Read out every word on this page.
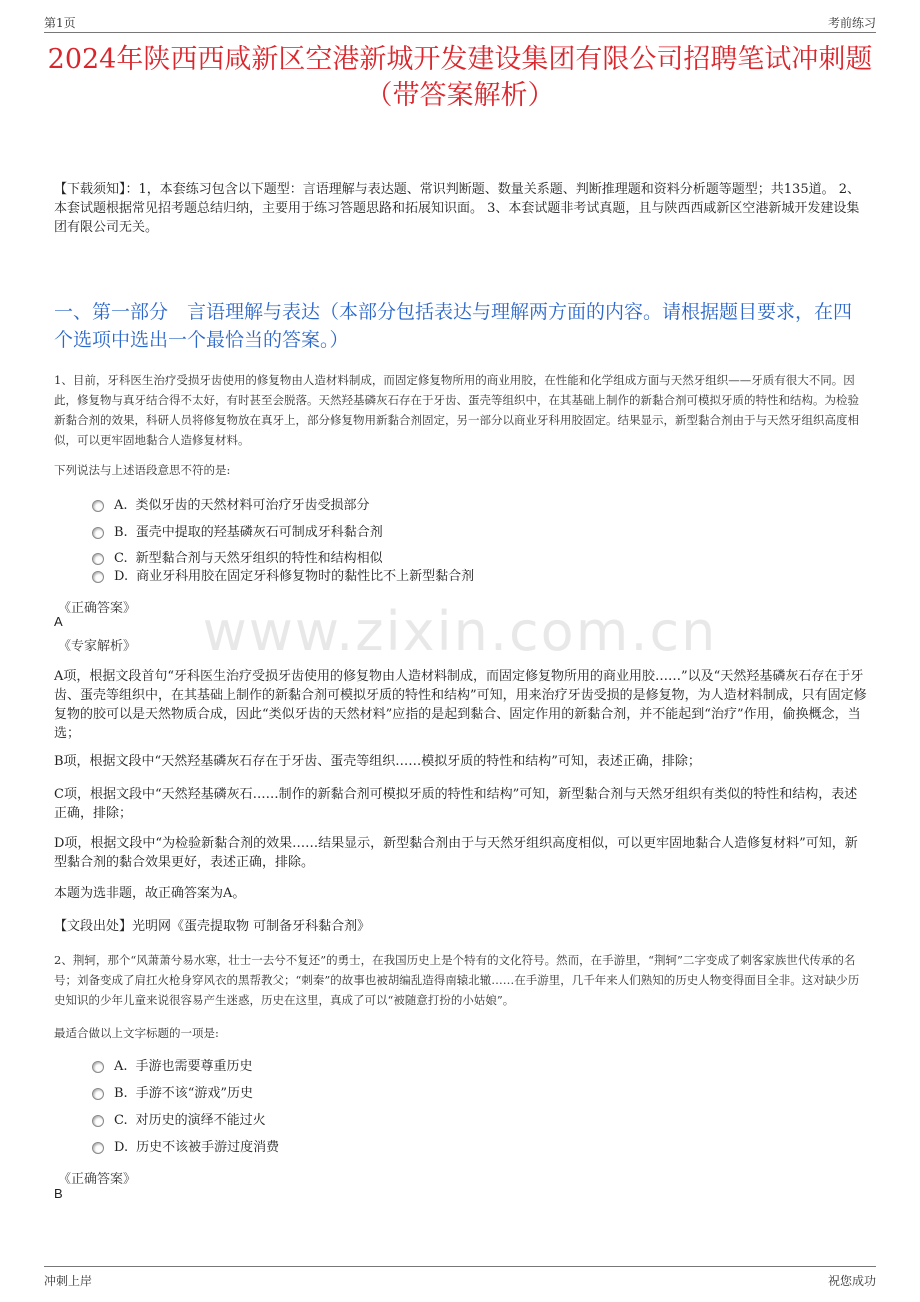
第1页	考前练习
2024年陕西西咸新区空港新城开发建设集团有限公司招聘笔试冲刺题（带答案解析）

【下载须知】：1，本套练习包含以下题型：言语理解与表达题、常识判断题、数量关系题、判断推理题和资料分析题等题型；共135道。 2、本套试题根据常见招考题总结归纳，主要用于练习答题思路和拓展知识面。 3、本套试题非考试真题，且与陕西西咸新区空港新城开发建设集团有限公司无关。

一、第一部分　言语理解与表达（本部分包括表达与理解两方面的内容。请根据题目要求，在四个选项中选出一个最恰当的答案。）
www.zixin.com.cn

1、目前，牙科医生治疗受损牙齿使用的修复物由人造材料制成，而固定修复物所用的商业用胶，在性能和化学组成方面与天然牙组织——牙质有很大不同。因此，修复物与真牙结合得不太好，有时甚至会脱落。天然羟基磷灰石存在于牙齿、蛋壳等组织中，在其基础上制作的新黏合剂可模拟牙质的特性和结构。为检验新黏合剂的效果，科研人员将修复物放在真牙上，部分修复物用新黏合剂固定，另一部分以商业牙科用胶固定。结果显示，新型黏合剂由于与天然牙组织高度相似，可以更牢固地黏合人造修复材料。

下列说法与上述语段意思不符的是:

A. 类似牙齿的天然材料可治疗牙齿受损部分
B. 蛋壳中提取的羟基磷灰石可制成牙科黏合剂
C. 新型黏合剂与天然牙组织的特性和结构相似
D. 商业牙科用胶在固定牙科修复物时的黏性比不上新型黏合剂
《正确答案》
A
《专家解析》

A项，根据文段首句“牙科医生治疗受损牙齿使用的修复物由人造材料制成，而固定修复物所用的商业用胶……”以及“天然羟基磷灰石存在于牙齿、蛋壳等组织中，在其基础上制作的新黏合剂可模拟牙质的特性和结构”可知，用来治疗牙齿受损的是修复物，为人造材料制成，只有固定修复物的胶可以是天然物质合成，因此“类似牙齿的天然材料”应指的是起到黏合、固定作用的新黏合剂，并不能起到“治疗”作用，偷换概念，当选；

B项，根据文段中“天然羟基磷灰石存在于牙齿、蛋壳等组织……模拟牙质的特性和结构”可知，表述正确，排除；

C项，根据文段中“天然羟基磷灰石……制作的新黏合剂可模拟牙质的特性和结构”可知，新型黏合剂与天然牙组织有类似的特性和结构，表述正确，排除；

D项，根据文段中“为检验新黏合剂的效果……结果显示，新型黏合剂由于与天然牙组织高度相似，可以更牢固地黏合人造修复材料”可知，新型黏合剂的黏合效果更好，表述正确，排除。

本题为选非题，故正确答案为A。

【文段出处】光明网《蛋壳提取物 可制备牙科黏合剂》

2、荆轲，那个“风萧萧兮易水寒，壮士一去兮不复还”的勇士，在我国历史上是个特有的文化符号。然而，在手游里，“荆轲”二字变成了刺客家族世代传承的名号；刘备变成了肩扛火枪身穿风衣的黑帮教父；“刺秦”的故事也被胡编乱造得南辕北辙……在手游里，几千年来人们熟知的历史人物变得面目全非。这对缺少历史知识的少年儿童来说很容易产生迷惑，历史在这里，真成了可以“被随意打扮的小姑娘”。

最适合做以上文字标题的一项是:

A. 手游也需要尊重历史
B. 手游不该“游戏”历史
C. 对历史的演绎不能过火
D. 历史不该被手游过度消费
《正确答案》
B
冲刺上岸	祝您成功
